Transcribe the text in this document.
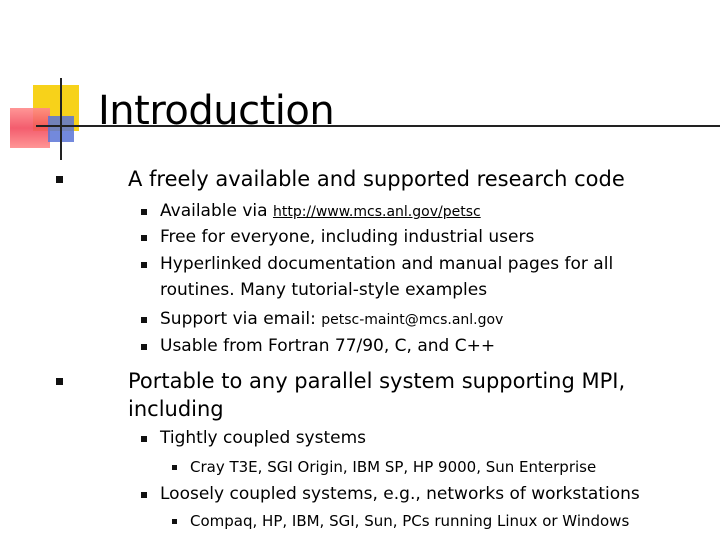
Introduction
A freely available and supported research code
Available via http://www.mcs.anl.gov/petsc
Free for everyone, including industrial users
Hyperlinked documentation and manual pages for all
routines. Many tutorial-style examples
Support via email: petsc-maint@mcs.anl.gov
Usable from Fortran 77/90, C, and C++
Portable to any parallel system supporting MPI,
including
Tightly coupled systems
Cray T3E, SGI Origin, IBM SP, HP 9000, Sun Enterprise
Loosely coupled systems, e.g., networks of workstations
Compaq, HP, IBM, SGI, Sun, PCs running Linux or Windows
